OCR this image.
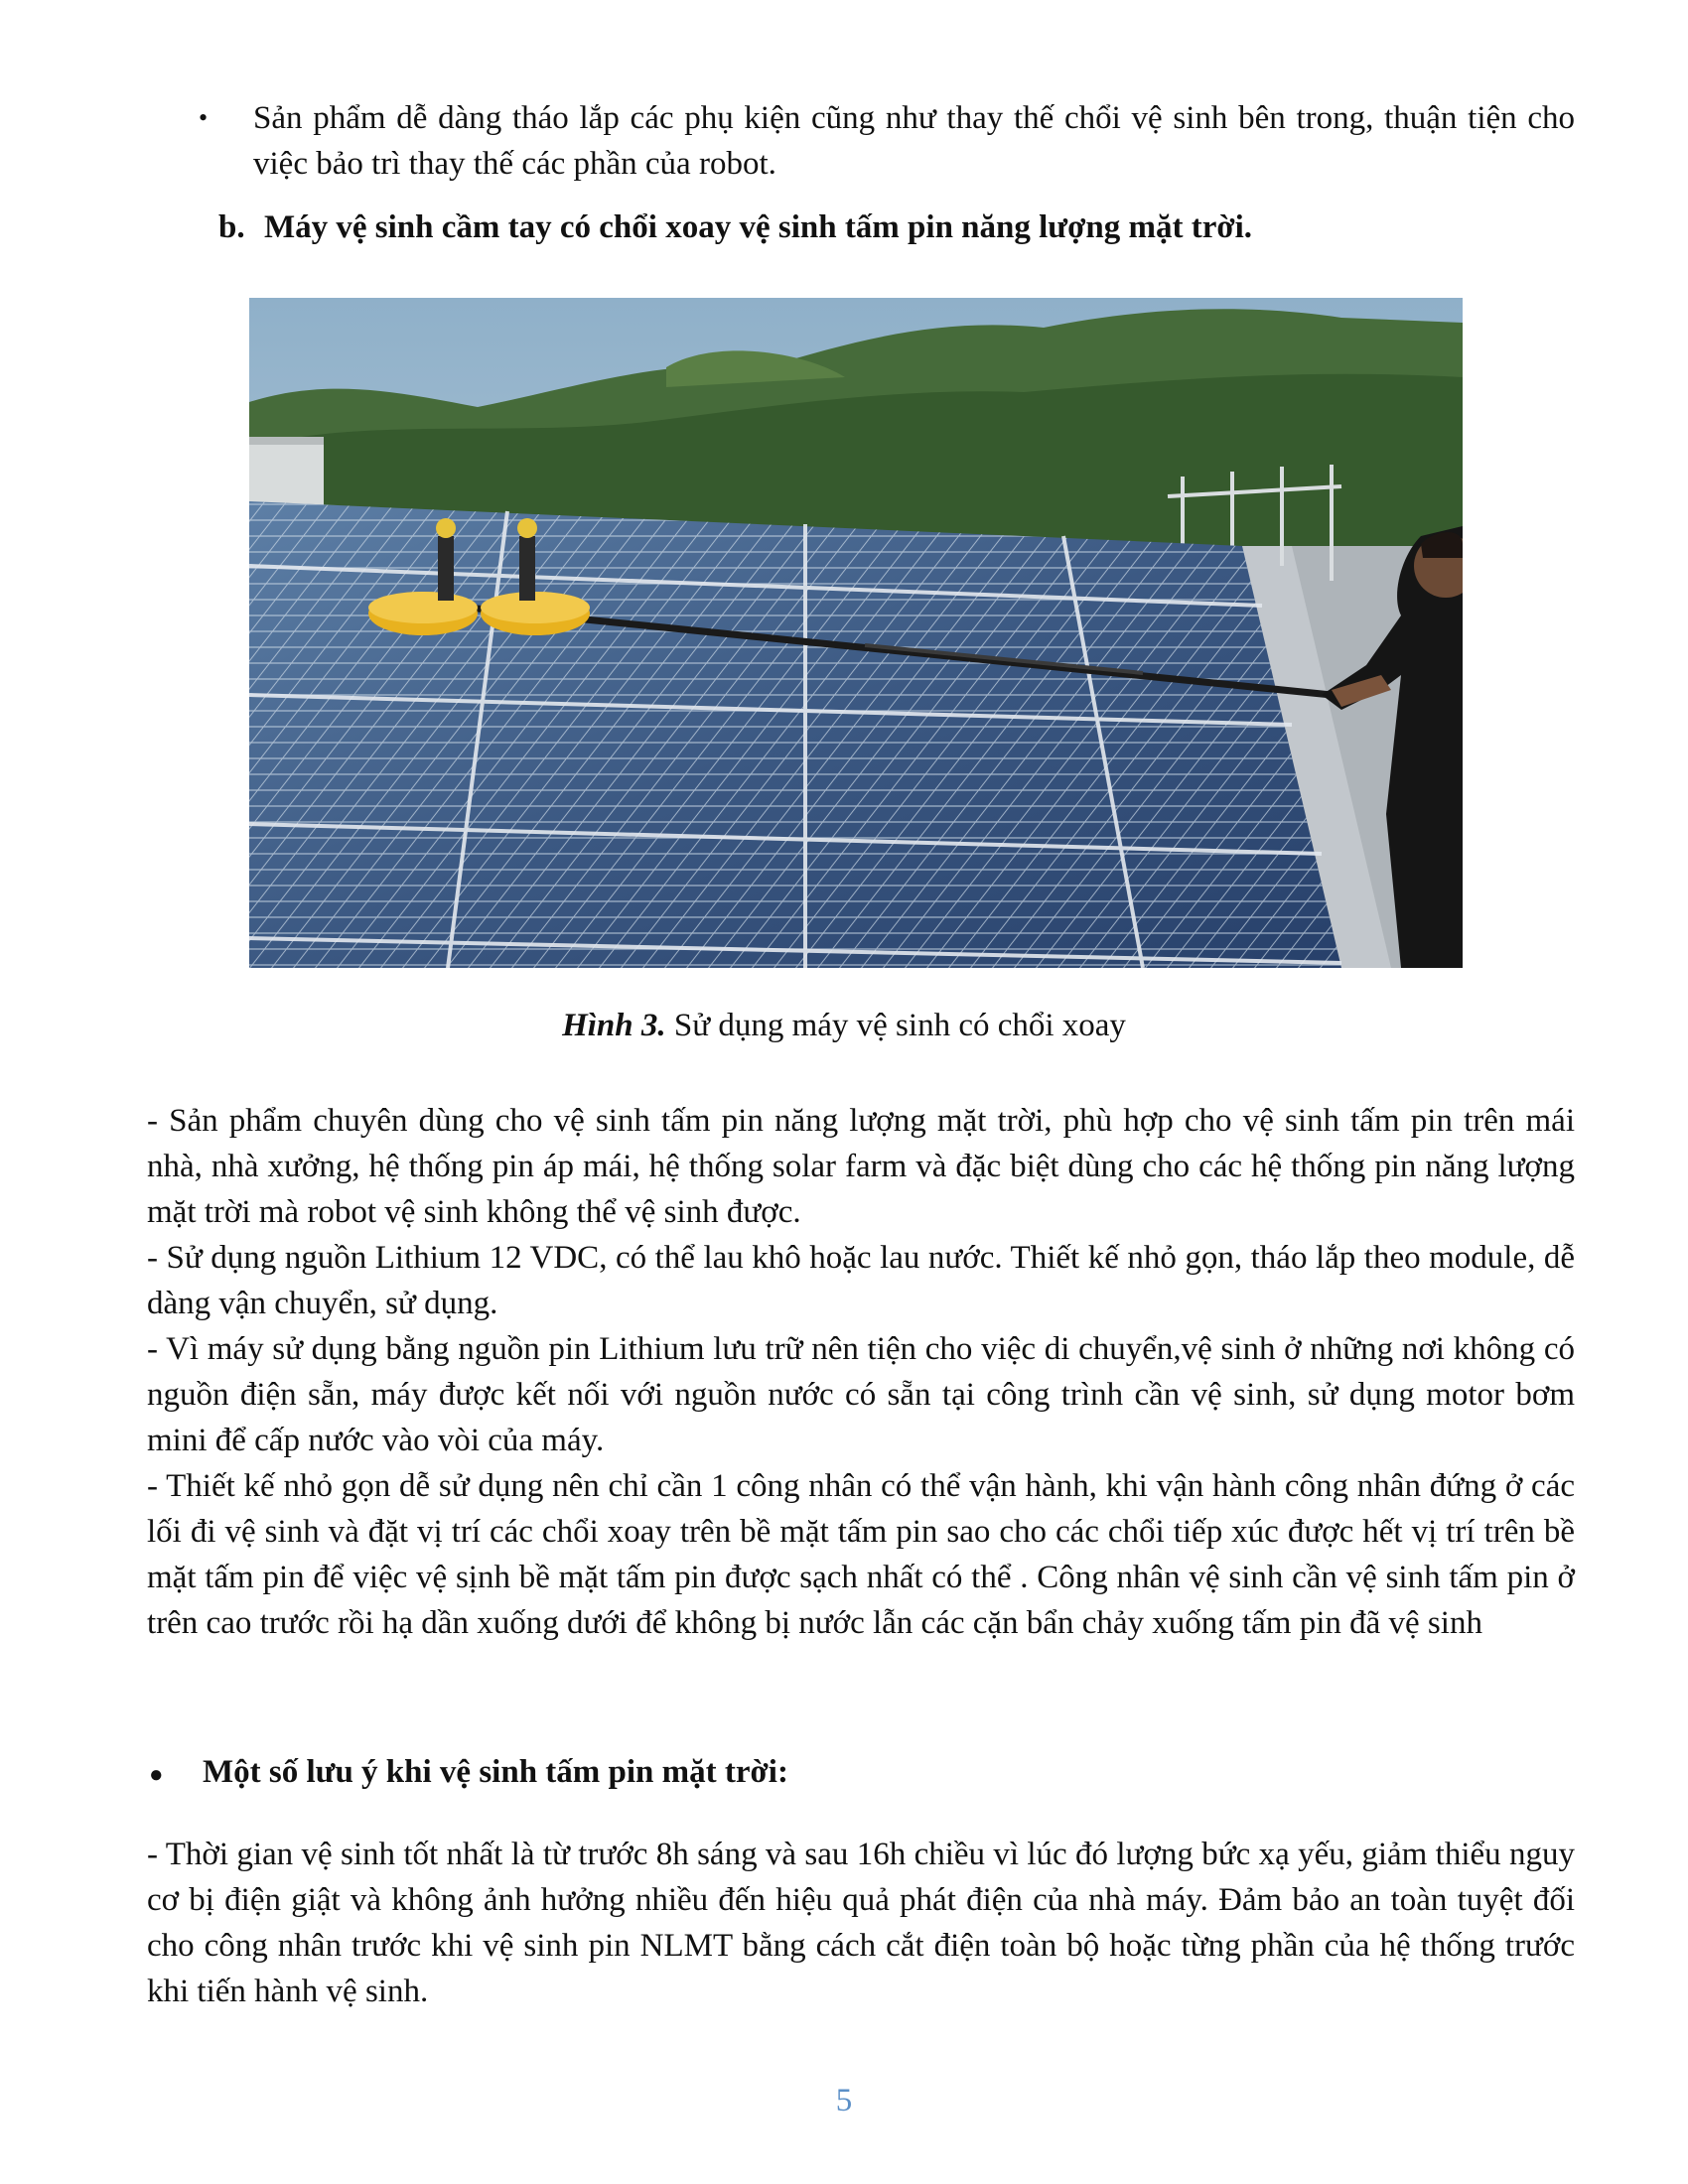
• Sản phẩm dễ dàng tháo lắp các phụ kiện cũng như thay thế chổi vệ sinh bên trong, thuận tiện cho việc bảo trì thay thế các phần của robot.
b. Máy vệ sinh cầm tay có chổi xoay vệ sinh tấm pin năng lượng mặt trời.
Hình 3. Sử dụng máy vệ sinh có chổi xoay

- Sản phẩm chuyên dùng cho vệ sinh tấm pin năng lượng mặt trời, phù hợp cho vệ sinh tấm pin trên mái nhà, nhà xưởng, hệ thống pin áp mái, hệ thống solar farm và đặc biệt dùng cho các hệ thống pin năng lượng mặt trời mà robot vệ sinh không thể vệ sinh được.

- Sử dụng nguồn Lithium 12 VDC, có thể lau khô hoặc lau nước. Thiết kế nhỏ gọn, tháo lắp theo module, dễ dàng vận chuyển, sử dụng.

- Vì máy sử dụng bằng nguồn pin Lithium lưu trữ nên tiện cho việc di chuyển,vệ sinh ở những nơi không có nguồn điện sẵn, máy được kết nối với nguồn nước có sẵn tại công trình cần vệ sinh, sử dụng motor bơm mini để cấp nước vào vòi của máy.

- Thiết kế nhỏ gọn dễ sử dụng nên chỉ cần 1 công nhân có thể vận hành, khi vận hành công nhân đứng ở các lối đi vệ sinh và đặt vị trí các chổi xoay trên bề mặt tấm pin sao cho các chổi tiếp xúc được hết vị trí trên bề mặt tấm pin để việc vệ sịnh bề mặt tấm pin được sạch nhất có thể . Công nhân vệ sinh cần vệ sinh tấm pin ở trên cao trước rồi hạ dần xuống dưới để không bị nước lẫn các cặn bẩn chảy xuống tấm pin đã vệ sinh

● Một số lưu ý khi vệ sinh tấm pin mặt trời:

- Thời gian vệ sinh tốt nhất là từ trước 8h sáng và sau 16h chiều vì lúc đó lượng bức xạ yếu, giảm thiểu nguy cơ bị điện giật và không ảnh hưởng nhiều đến hiệu quả phát điện của nhà máy. Đảm bảo an toàn tuyệt đối cho công nhân trước khi vệ sinh pin NLMT bằng cách cắt điện toàn bộ hoặc từng phần của hệ thống trước khi tiến hành vệ sinh.

5
